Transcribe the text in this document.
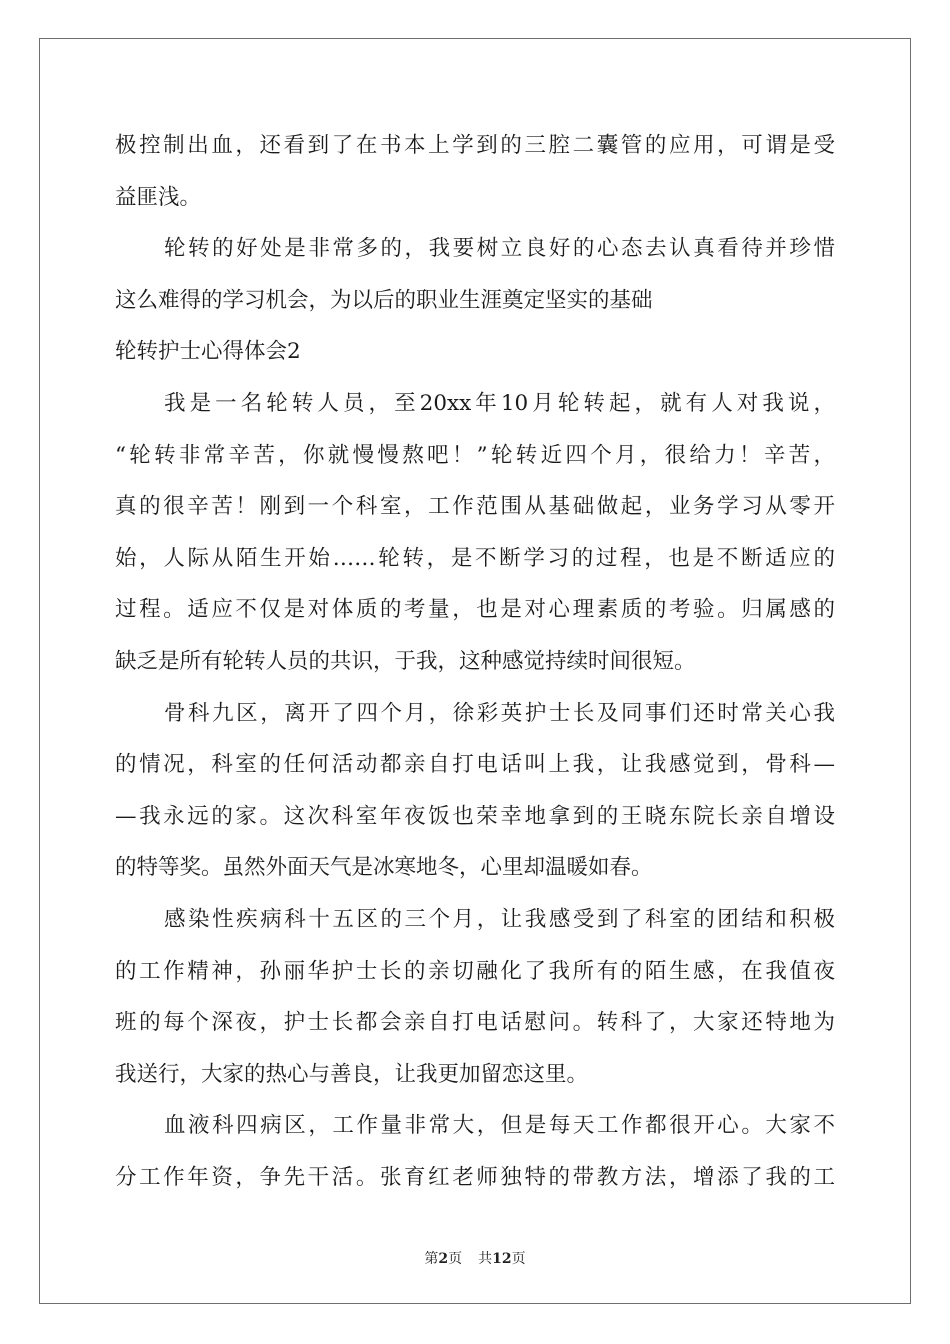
极控制出血，还看到了在书本上学到的三腔二囊管的应用，可谓是受
益匪浅。
轮转的好处是非常多的，我要树立良好的心态去认真看待并珍惜
这么难得的学习机会，为以后的职业生涯奠定坚实的基础
轮转护士心得体会2
我是一名轮转人员，至20xx年10月轮转起，就有人对我说，
“轮转非常辛苦，你就慢慢熬吧！”轮转近四个月，很给力！辛苦，
真的很辛苦！刚到一个科室，工作范围从基础做起，业务学习从零开
始，人际从陌生开始……轮转，是不断学习的过程，也是不断适应的
过程。适应不仅是对体质的考量，也是对心理素质的考验。归属感的
缺乏是所有轮转人员的共识，于我，这种感觉持续时间很短。
骨科九区，离开了四个月，徐彩英护士长及同事们还时常关心我
的情况，科室的任何活动都亲自打电话叫上我，让我感觉到，骨科—
—我永远的家。这次科室年夜饭也荣幸地拿到的王晓东院长亲自增设
的特等奖。虽然外面天气是冰寒地冬，心里却温暖如春。
感染性疾病科十五区的三个月，让我感受到了科室的团结和积极
的工作精神，孙丽华护士长的亲切融化了我所有的陌生感，在我值夜
班的每个深夜，护士长都会亲自打电话慰问。转科了，大家还特地为
我送行，大家的热心与善良，让我更加留恋这里。
血液科四病区，工作量非常大，但是每天工作都很开心。大家不
分工作年资，争先干活。张育红老师独特的带教方法，增添了我的工
第2页 共12页
